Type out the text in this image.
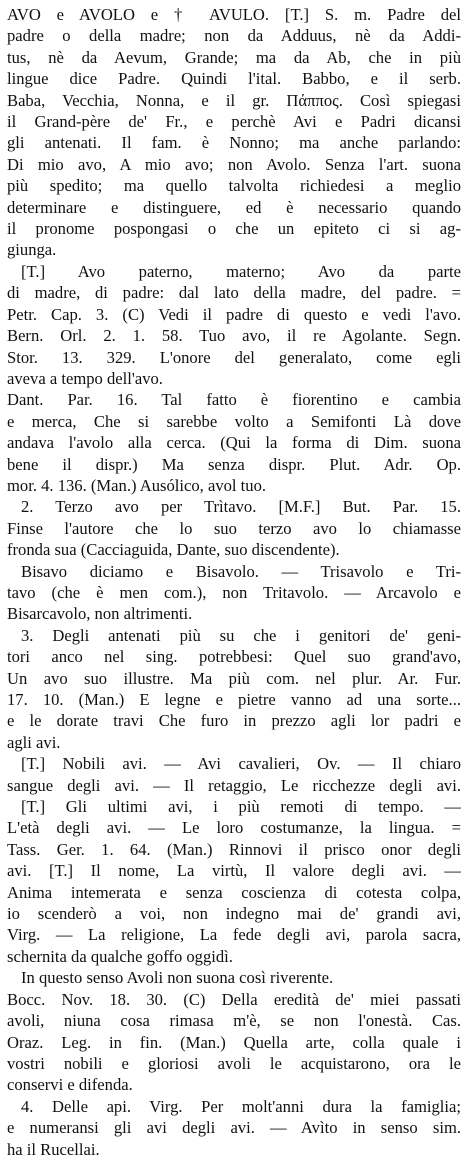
AVO e AVOLO e † AVULO. [T.] S. m. Padre del
padre o della madre; non da Adduus, nè da Addi-
tus, nè da Aevum, Grande; ma da Ab, che in più
lingue dice Padre. Quindi l'ital. Babbo, e il serb.
Baba, Vecchia, Nonna, e il gr. Πάππος. Così spiegasi
il Grand-père de' Fr., e perchè Avi e Padri dicansi
gli antenati. Il fam. è Nonno; ma anche parlando:
Di mio avo, A mio avo; non Avolo. Senza l'art. suona
più spedito; ma quello talvolta richiedesi a meglio
determinare e distinguere, ed è necessario quando
il pronome pospongasi o che un epiteto ci si ag-
giunga.
[T.] Avo paterno, materno; Avo da parte
di madre, di padre: dal lato della madre, del padre. =
Petr. Cap. 3. (C) Vedi il padre di questo e vedi l'avo.
Bern. Orl. 2. 1. 58. Tuo avo, il re Agolante. Segn.
Stor. 13. 329. L'onore del generalato, come egli
aveva a tempo dell'avo.
Dant. Par. 16. Tal fatto è fiorentino e cambia
e merca, Che si sarebbe volto a Semifonti Là dove
andava l'avolo alla cerca. (Qui la forma di Dim. suona
bene il dispr.) Ma senza dispr. Plut. Adr. Op.
mor. 4. 136. (Man.) Ausólico, avol tuo.
2. Terzo avo per Trìtavo. [M.F.] But. Par. 15.
Finse l'autore che lo suo terzo avo lo chiamasse
fronda sua (Cacciaguida, Dante, suo discendente).
Bisavo diciamo e Bisavolo. — Trisavolo e Tri-
tavo (che è men com.), non Tritavolo. — Arcavolo e
Bisarcavolo, non altrimenti.
3. Degli antenati più su che i genitori de' geni-
tori anco nel sing. potrebbesi: Quel suo grand'avo,
Un avo suo illustre. Ma più com. nel plur. Ar. Fur.
17. 10. (Man.) E legne e pietre vanno ad una sorte...
e le dorate travi Che furo in prezzo agli lor padri e
agli avi.
[T.] Nobili avi. — Avi cavalieri, Ov. — Il chiaro
sangue degli avi. — Il retaggio, Le ricchezze degli avi.
[T.] Gli ultimi avi, i più remoti di tempo. —
L'età degli avi. — Le loro costumanze, la lingua. =
Tass. Ger. 1. 64. (Man.) Rinnovi il prisco onor degli
avi. [T.] Il nome, La virtù, Il valore degli avi. —
Anima intemerata e senza coscienza di cotesta colpa,
io scenderò a voi, non indegno mai de' grandi avi,
Virg. — La religione, La fede degli avi, parola sacra,
schernita da qualche goffo oggidì.
In questo senso Avoli non suona così riverente.
Bocc. Nov. 18. 30. (C) Della eredità de' miei passati
avoli, niuna cosa rimasa m'è, se non l'onestà. Cas.
Oraz. Leg. in fin. (Man.) Quella arte, colla quale i
vostri nobili e gloriosi avoli le acquistarono, ora le
conservi e difenda.
4. Delle api. Virg. Per molt'anni dura la famiglia;
e numeransi gli avi degli avi. — Avìto in senso sim.
ha il Rucellai.
